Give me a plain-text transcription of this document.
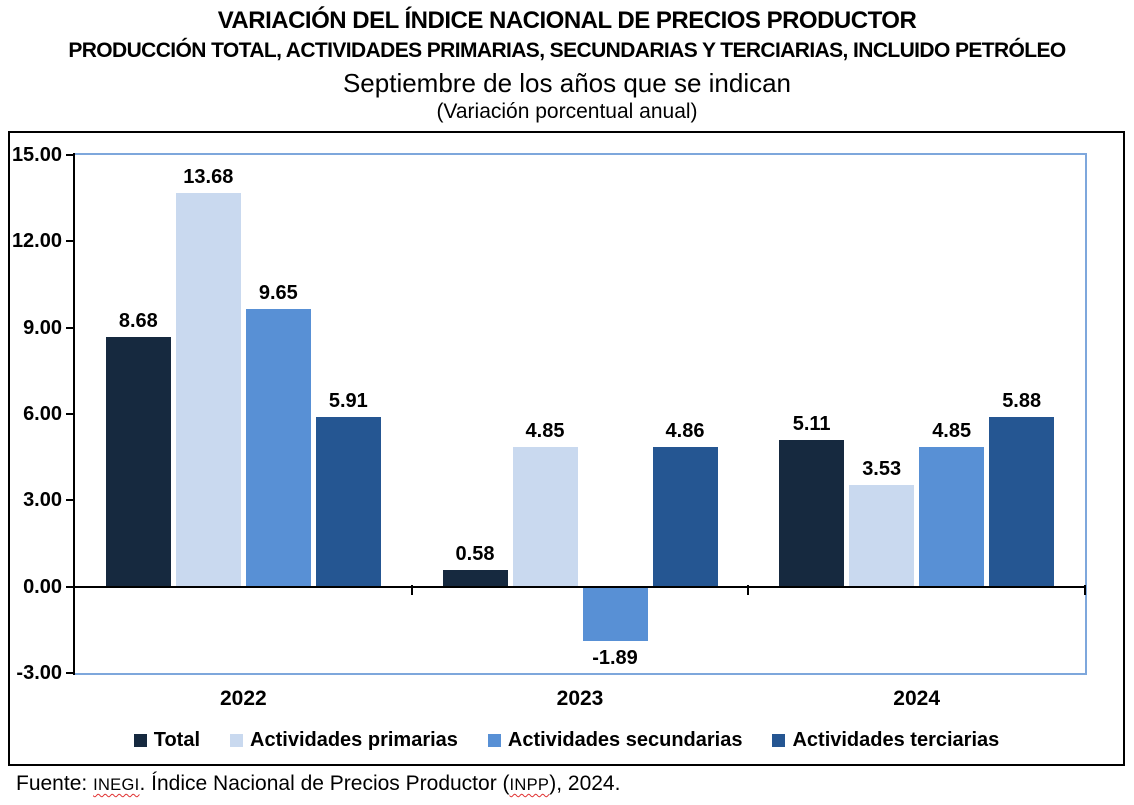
VARIACIÓN DEL ÍNDICE NACIONAL DE PRECIOS PRODUCTOR
PRODUCCIÓN TOTAL, ACTIVIDADES PRIMARIAS, SECUNDARIAS Y TERCIARIAS, INCLUIDO PETRÓLEO
Septiembre de los años que se indican
(Variación porcentual anual)
8.68
13.68
9.65
5.91
2022
0.58
4.85
-1.89
4.86
2023
5.11
3.53
4.85
5.88
2024
15.00
12.00
9.00
6.00
3.00
0.00
-3.00
Total	Actividades primarias	Actividades secundarias	Actividades terciarias
Fuente: INEGI. Índice Nacional de Precios Productor (INPP), 2024.
